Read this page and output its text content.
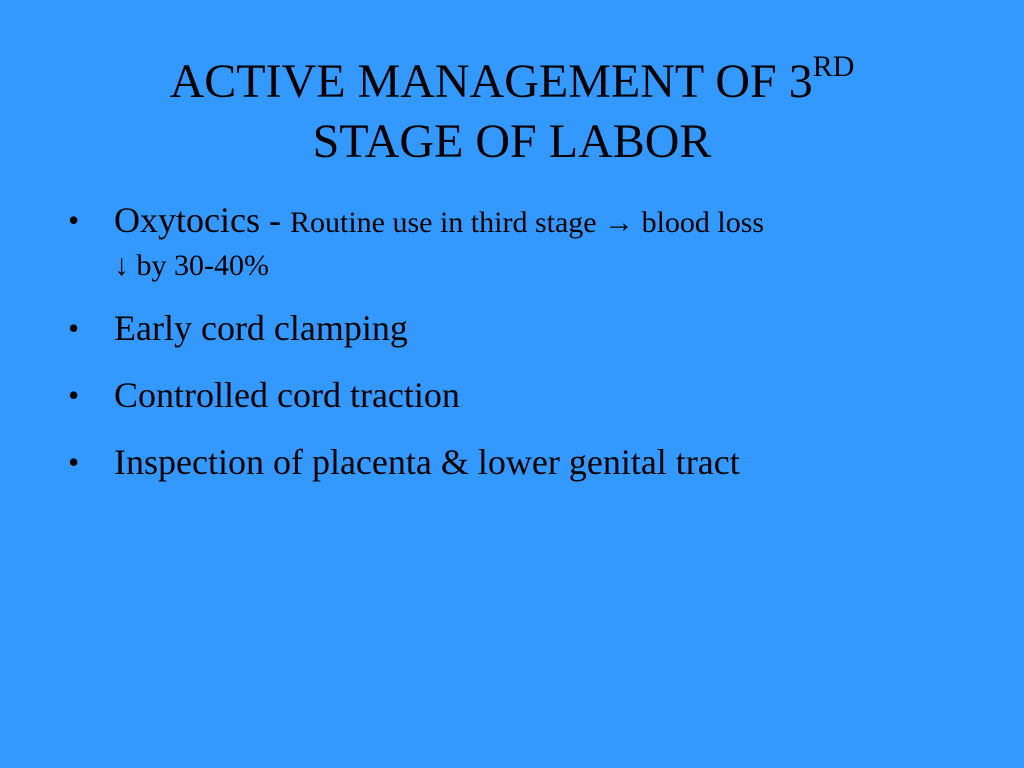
ACTIVE MANAGEMENT OF 3RD
STAGE OF LABOR
• Oxytocics - Routine use in third stage → blood loss
↓ by 30-40%
• Early cord clamping
• Controlled cord traction
• Inspection of placenta & lower genital tract
